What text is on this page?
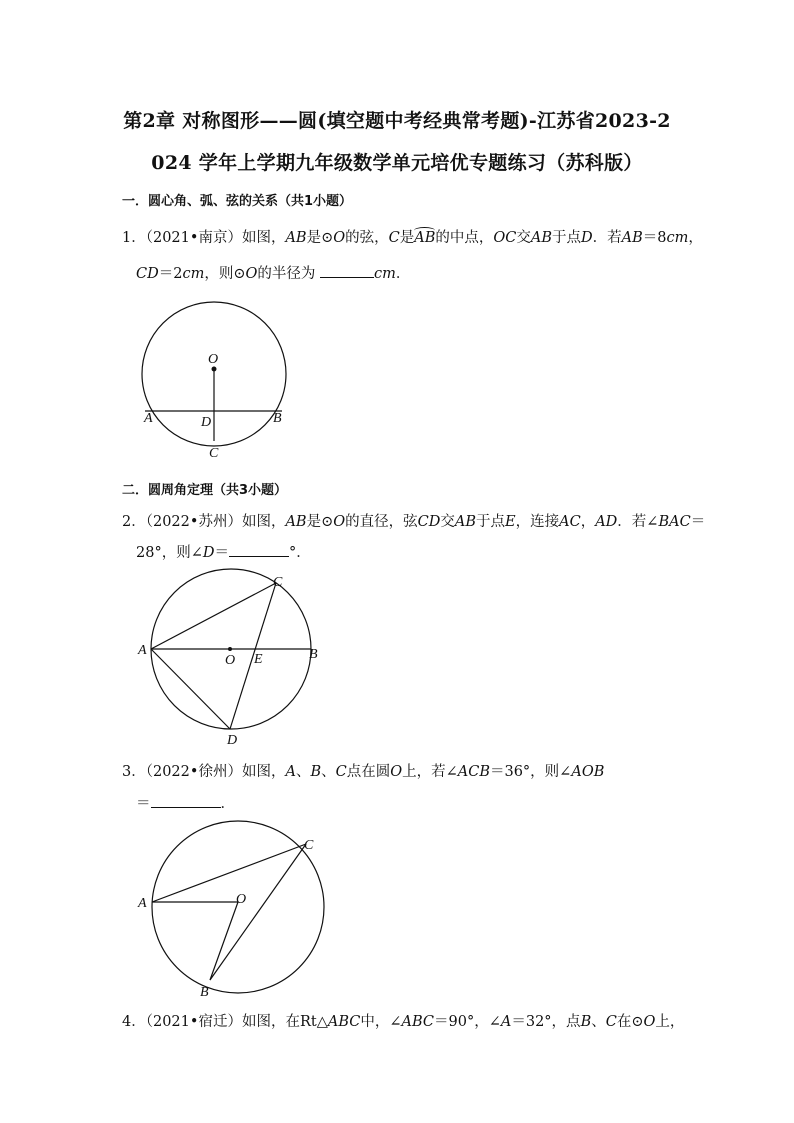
第2章 对称图形——圆(填空题中考经典常考题)-江苏省2023-2
024 学年上学期九年级数学单元培优专题练习（苏科版）
一．圆心角、弧、弦的关系（共1小题）
1．（2021•南京）如图，AB是⊙O的弦，C是
AB的中点，OC交AB于点D．若AB＝8cm，
CD＝2cm，则⊙O的半径为	cm．
O
A	B
D
C
二．圆周角定理（共3小题）
2．（2022•苏州）如图，AB是⊙O的直径，弦CD交AB于点E，连接AC，AD．若∠BAC＝
28°，则∠D＝	°．
A	B
C
D
O E
3．（2022•徐州）如图，A、B、C点在圆O上，若∠ACB＝36°，则∠AOB
＝	．
A
B
C
O
4．（2021•宿迁）如图，在Rt△ABC中，∠ABC＝90°，∠A＝32°，点B、C在⊙O上，
